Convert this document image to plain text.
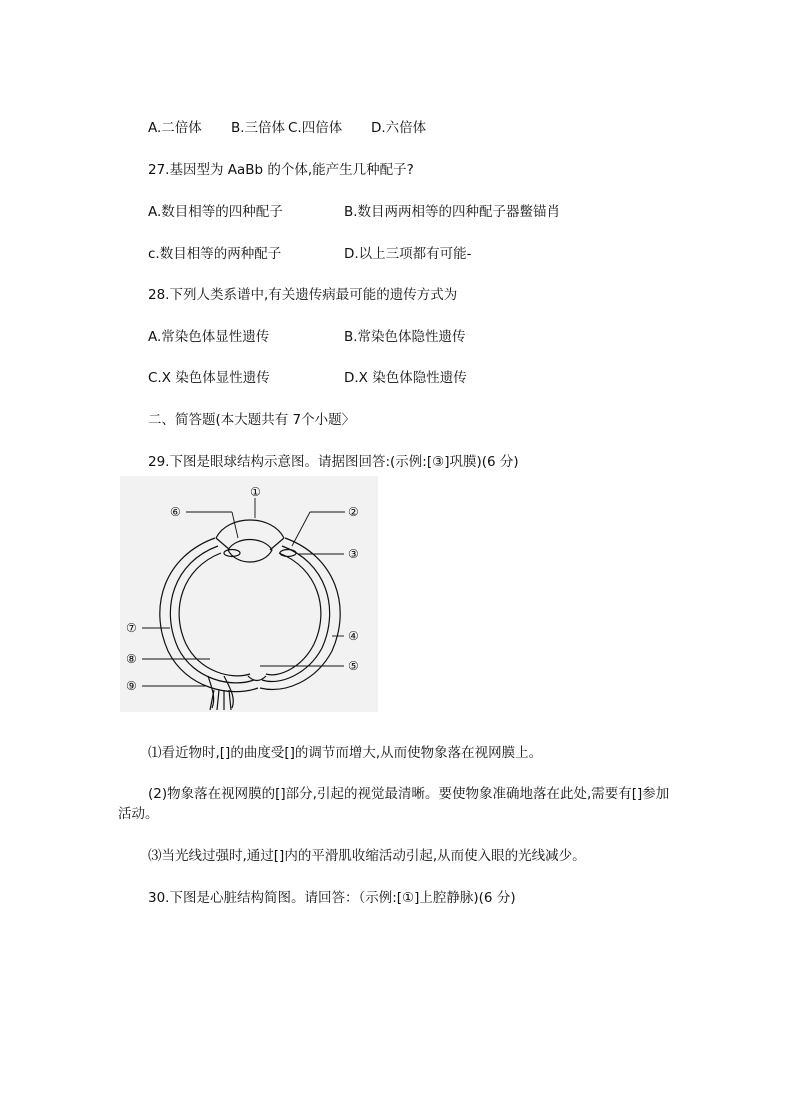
A.二倍体 B.三倍体 C.四倍体 D.六倍体
27.基因型为 AaBb 的个体,能产生几种配子?
A.数目相等的四种配子	B.数目两两相等的四种配子器鳖锚肖
c.数目相等的两种配子	D.以上三项都有可能-
28.下列人类系谱中,有关遗传病最可能的遗传方式为
A.常染色体显性遗传	B.常染色体隐性遗传
C.X 染色体显性遗传	D.X 染色体隐性遗传
二、简答题(本大题共有 7个小题〉
29.下图是眼球结构示意图。请据图回答:(示例:[③]巩膜)(6 分)
①
②
③
④
⑤
⑥
⑦
⑧
⑨
⑴看近物时,[]的曲度受[]的调节而增大,从而使物象落在视网膜上。
(2)物象落在视网膜的[]部分,引起的视觉最清晰。要使物象准确地落在此处,需要有[]参加活动。
⑶当光线过强时,通过[]内的平滑肌收缩活动引起,从而使入眼的光线减少。
30.下图是心脏结构简图。请回答：（示例:[①]上腔静脉)(6 分)
